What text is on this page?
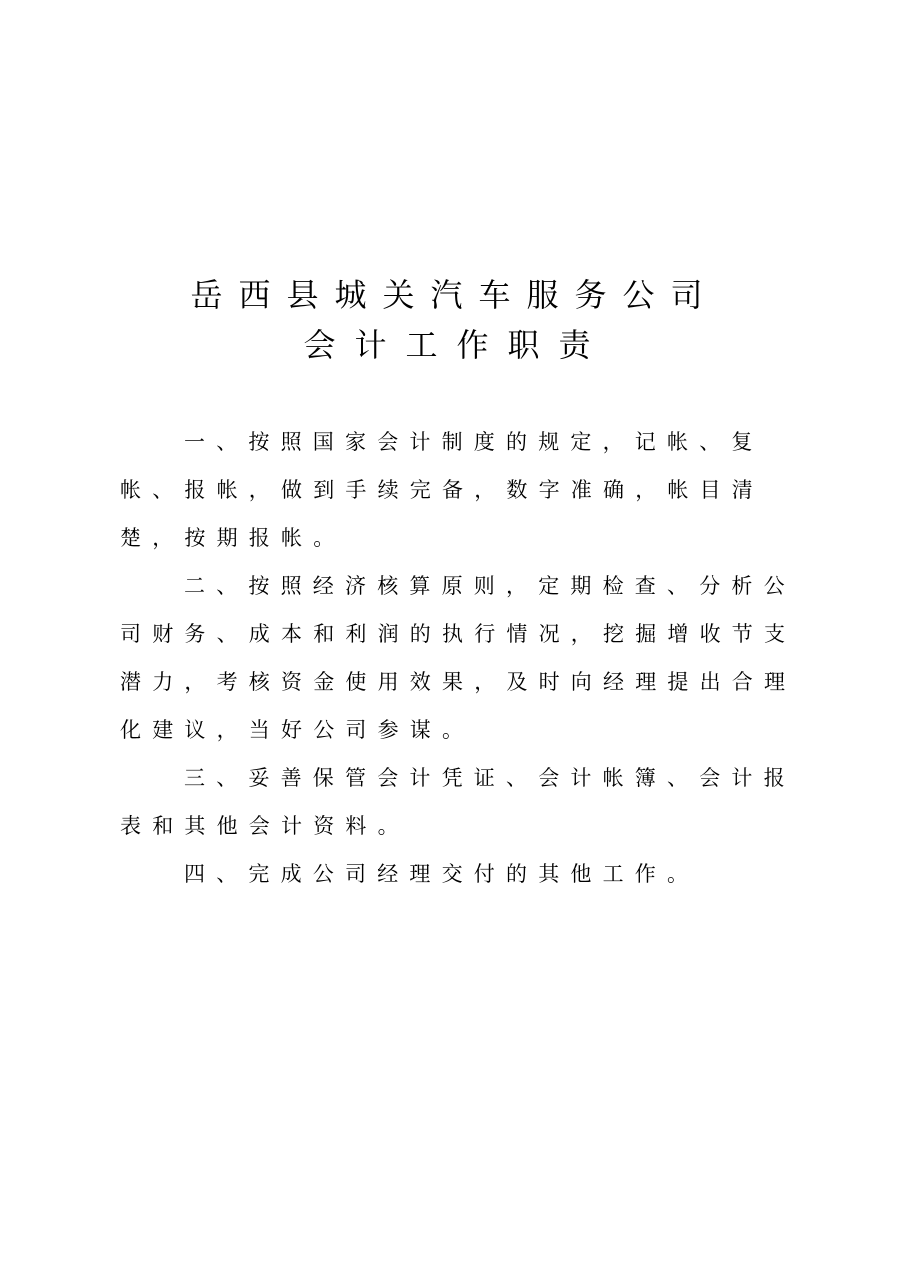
岳西县城关汽车服务公司
会计工作职责

一、按照国家会计制度的规定，记帐、复帐、报帐，做到手续完备，数字准确，帐目清楚，按期报帐。

二、按照经济核算原则，定期检查、分析公司财务、成本和利润的执行情况，挖掘增收节支潜力，考核资金使用效果，及时向经理提出合理化建议，当好公司参谋。

三、妥善保管会计凭证、会计帐簿、会计报表和其他会计资料。

四、完成公司经理交付的其他工作。
